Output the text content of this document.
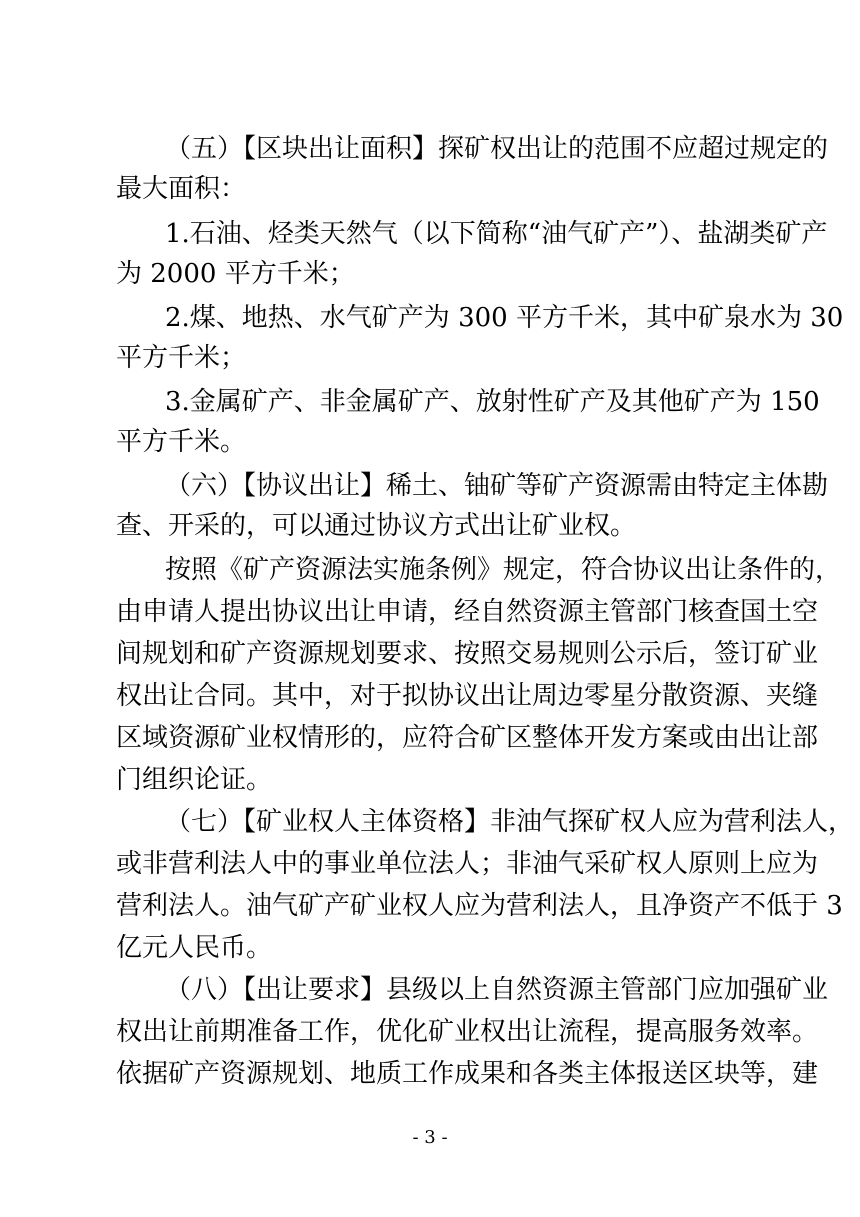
（五）【区块出让面积】探矿权出让的范围不应超过规定的
最大面积：
1.石油、烃类天然气（以下简称“油气矿产”）、盐湖类矿产
为 2000 平方千米；
2.煤、地热、水气矿产为 300 平方千米，其中矿泉水为 30
平方千米；
3.金属矿产、非金属矿产、放射性矿产及其他矿产为 150
平方千米。
（六）【协议出让】稀土、铀矿等矿产资源需由特定主体勘
查、开采的，可以通过协议方式出让矿业权。
按照《矿产资源法实施条例》规定，符合协议出让条件的，
由申请人提出协议出让申请，经自然资源主管部门核查国土空
间规划和矿产资源规划要求、按照交易规则公示后，签订矿业
权出让合同。其中，对于拟协议出让周边零星分散资源、夹缝
区域资源矿业权情形的，应符合矿区整体开发方案或由出让部
门组织论证。
（七）【矿业权人主体资格】非油气探矿权人应为营利法人，
或非营利法人中的事业单位法人；非油气采矿权人原则上应为
营利法人。油气矿产矿业权人应为营利法人，且净资产不低于 3
亿元人民币。
（八）【出让要求】县级以上自然资源主管部门应加强矿业
权出让前期准备工作，优化矿业权出让流程，提高服务效率。
依据矿产资源规划、地质工作成果和各类主体报送区块等，建
- 3 -
